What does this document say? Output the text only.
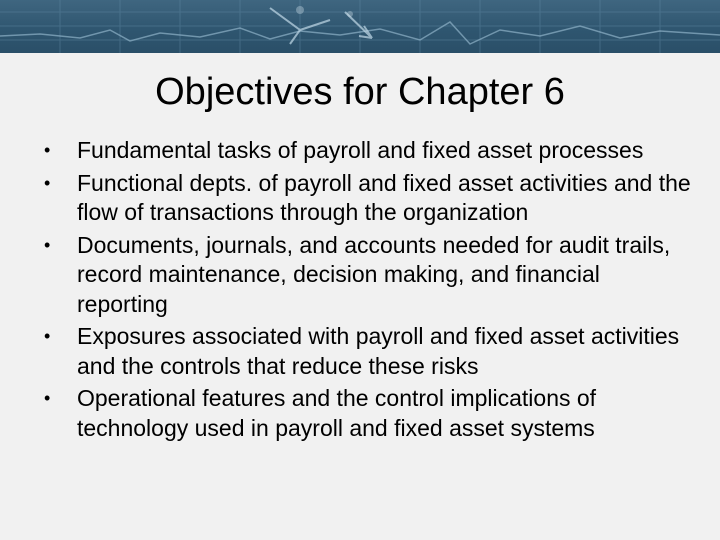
Objectives for Chapter 6
• Fundamental tasks of payroll and fixed asset processes
• Functional depts. of payroll and fixed asset activities and the flow of transactions through the organization
• Documents, journals, and accounts needed for audit trails, record maintenance, decision making, and financial reporting
• Exposures associated with payroll and fixed asset activities and the controls that reduce these risks
• Operational features and the control implications of technology used in payroll and fixed asset systems
